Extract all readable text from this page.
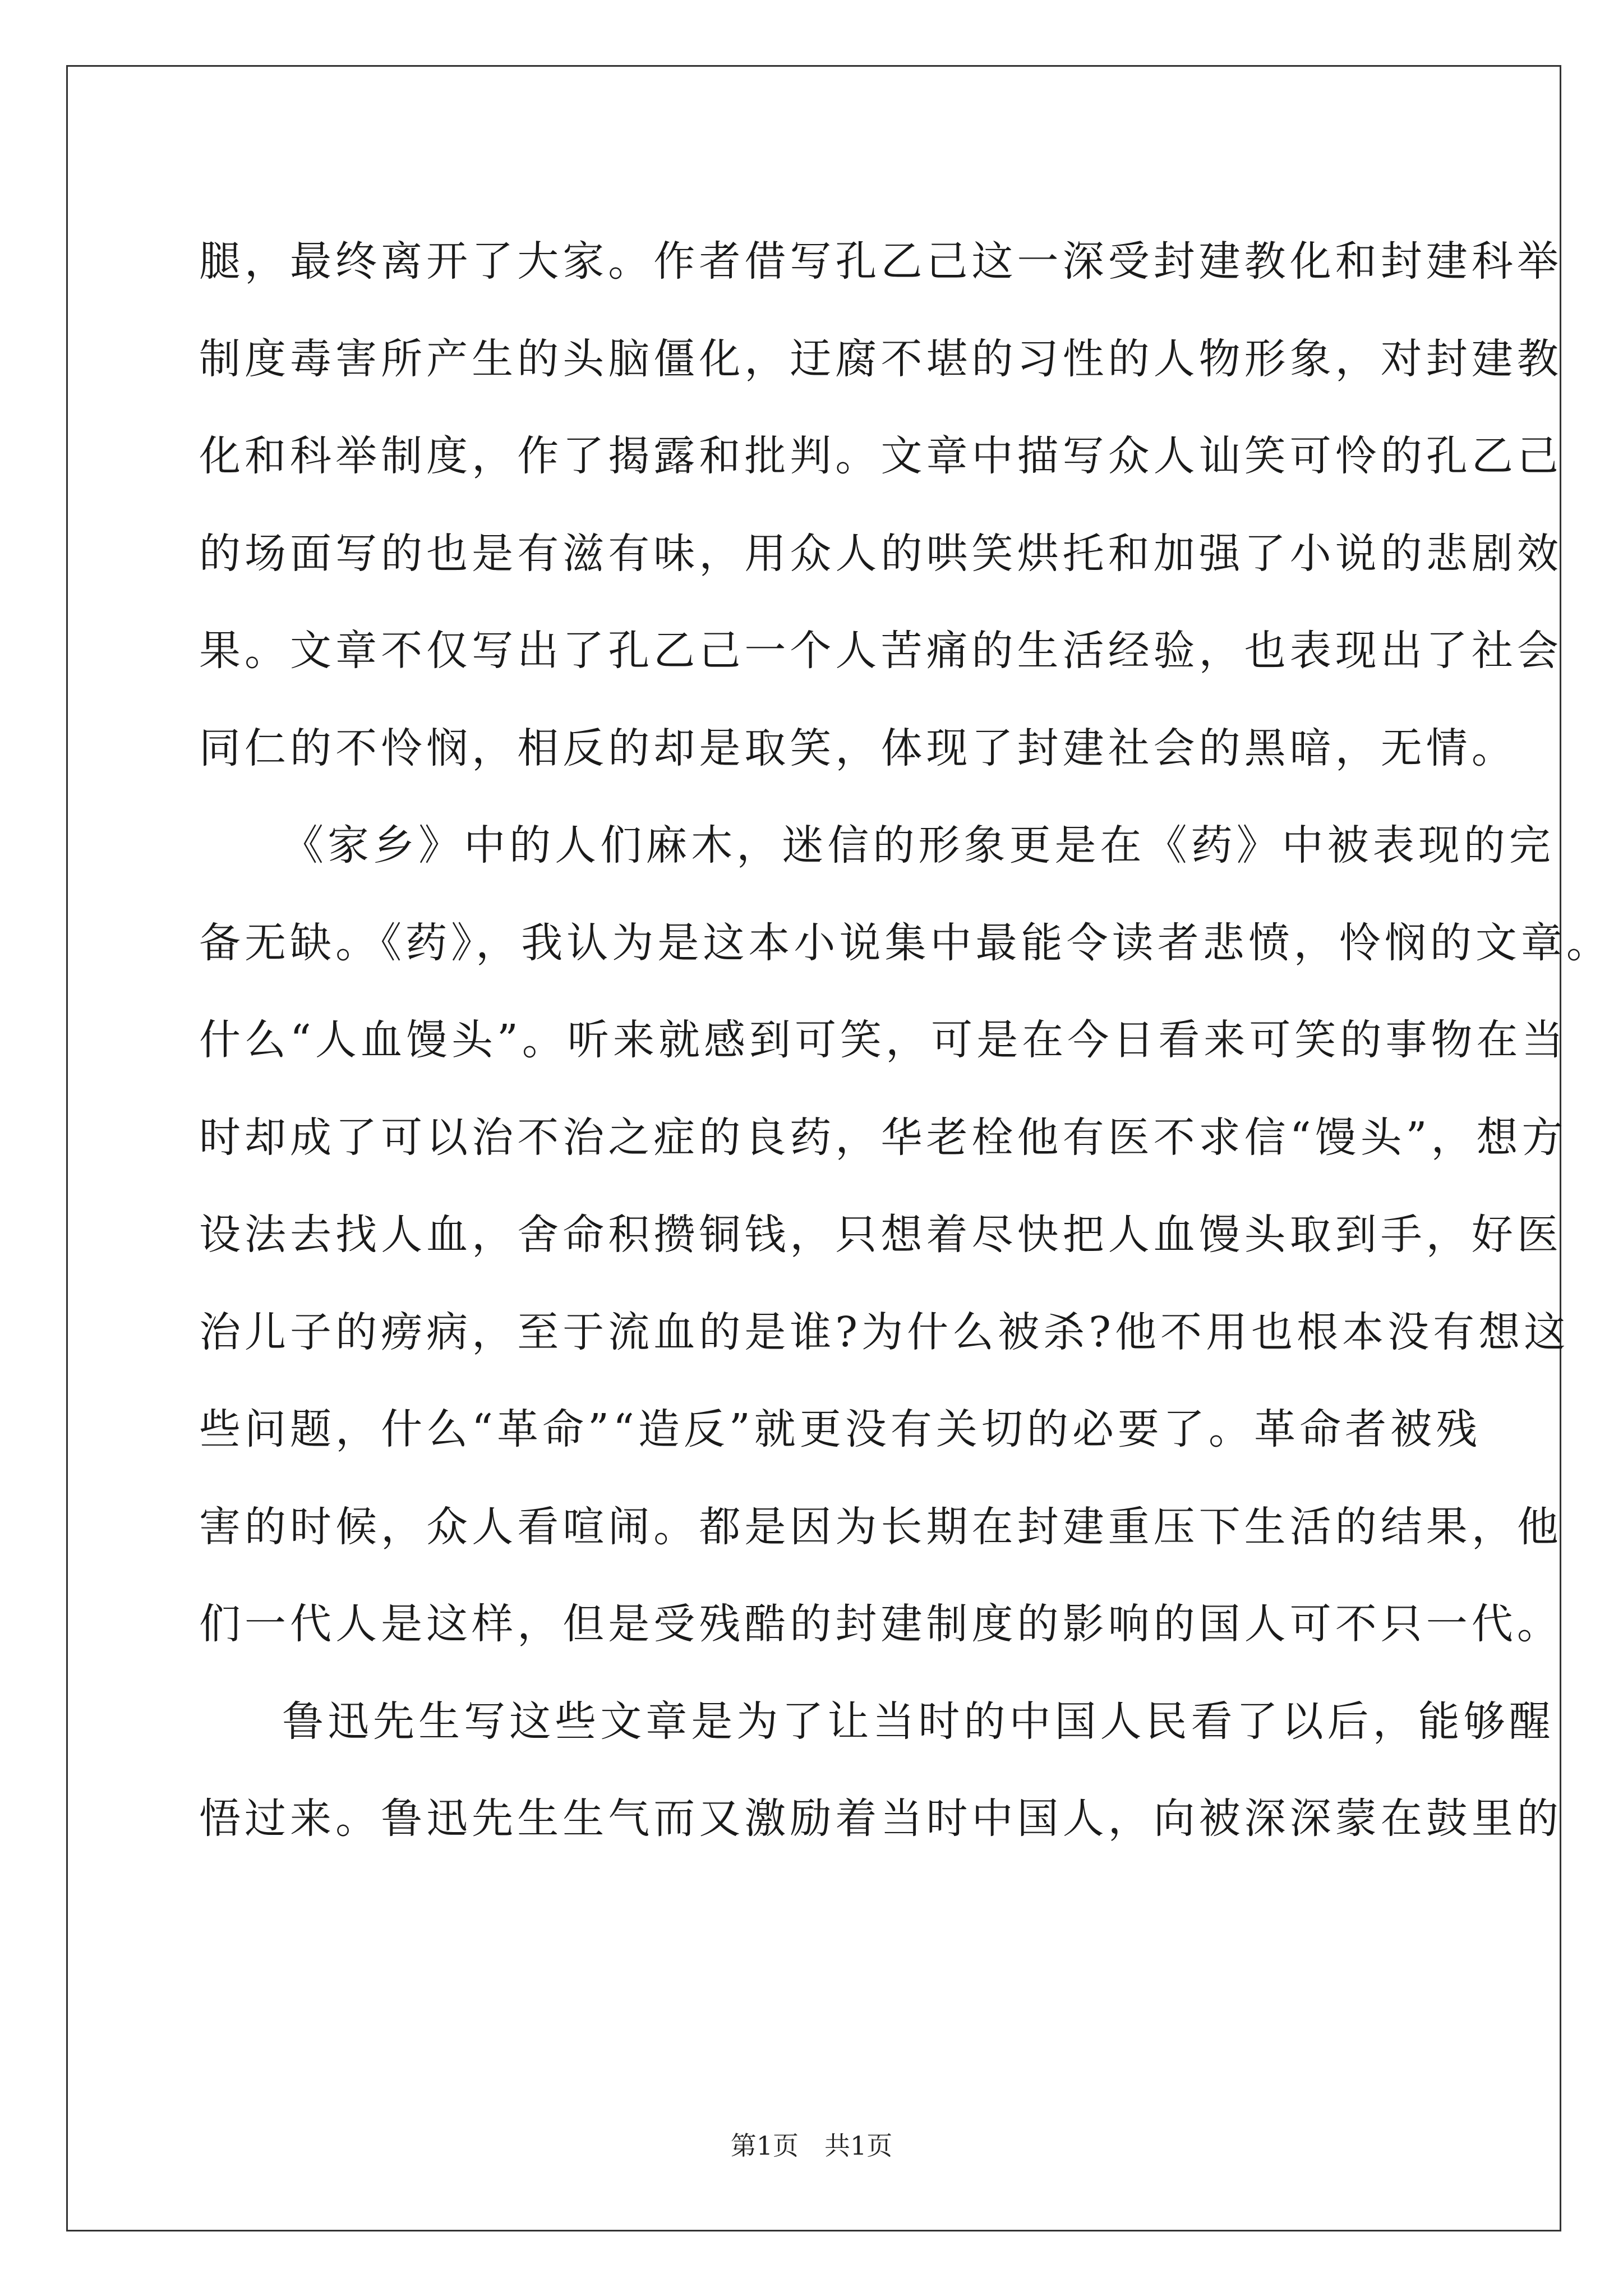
腿，最终离开了大家。作者借写孔乙己这一深受封建教化和封建科举
制度毒害所产生的头脑僵化，迂腐不堪的习性的人物形象，对封建教
化和科举制度，作了揭露和批判。文章中描写众人讪笑可怜的孔乙己
的场面写的也是有滋有味，用众人的哄笑烘托和加强了小说的悲剧效
果。文章不仅写出了孔乙己一个人苦痛的生活经验，也表现出了社会
同仁的不怜悯，相反的却是取笑，体现了封建社会的黑暗，无情。
《家乡》中的人们麻木，迷信的形象更是在《药》中被表现的完
备无缺。《药》，我认为是这本小说集中最能令读者悲愤，怜悯的文章。
什么“人血馒头”。听来就感到可笑，可是在今日看来可笑的事物在当
时却成了可以治不治之症的良药，华老栓他有医不求信“馒头”，想方
设法去找人血，舍命积攒铜钱，只想着尽快把人血馒头取到手，好医
治儿子的痨病，至于流血的是谁?为什么被杀?他不用也根本没有想这
些问题，什么“革命”“造反”就更没有关切的必要了。革命者被残
害的时候，众人看喧闹。都是因为长期在封建重压下生活的结果，他
们一代人是这样，但是受残酷的封建制度的影响的国人可不只一代。
鲁迅先生写这些文章是为了让当时的中国人民看了以后，能够醒
悟过来。鲁迅先生生气而又激励着当时中国人，向被深深蒙在鼓里的
第1页　共1页
